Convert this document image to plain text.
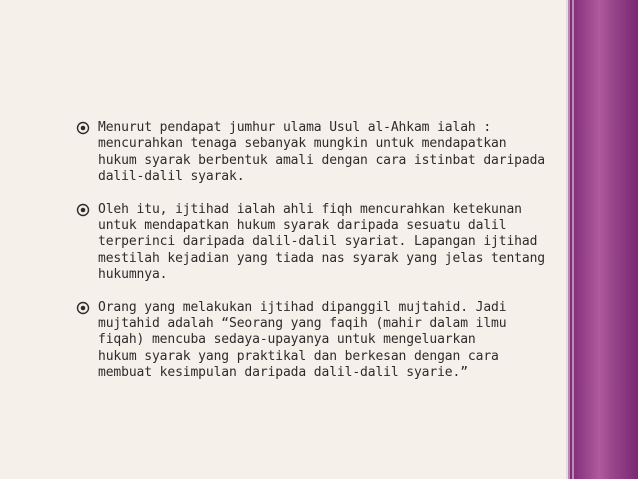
Menurut pendapat jumhur ulama Usul al-Ahkam ialah :
mencurahkan tenaga sebanyak mungkin untuk mendapatkan
hukum syarak berbentuk amali dengan cara istinbat daripada
dalil-dalil syarak.
Oleh itu, ijtihad ialah ahli fiqh mencurahkan ketekunan
untuk mendapatkan hukum syarak daripada sesuatu dalil
terperinci daripada dalil-dalil syariat. Lapangan ijtihad
mestilah kejadian yang tiada nas syarak yang jelas tentang
hukumnya.
Orang yang melakukan ijtihad dipanggil mujtahid. Jadi
mujtahid adalah “Seorang yang faqih (mahir dalam ilmu
fiqah) mencuba sedaya-upayanya untuk mengeluarkan
hukum syarak yang praktikal dan berkesan dengan cara
membuat kesimpulan daripada dalil-dalil syarie.”
